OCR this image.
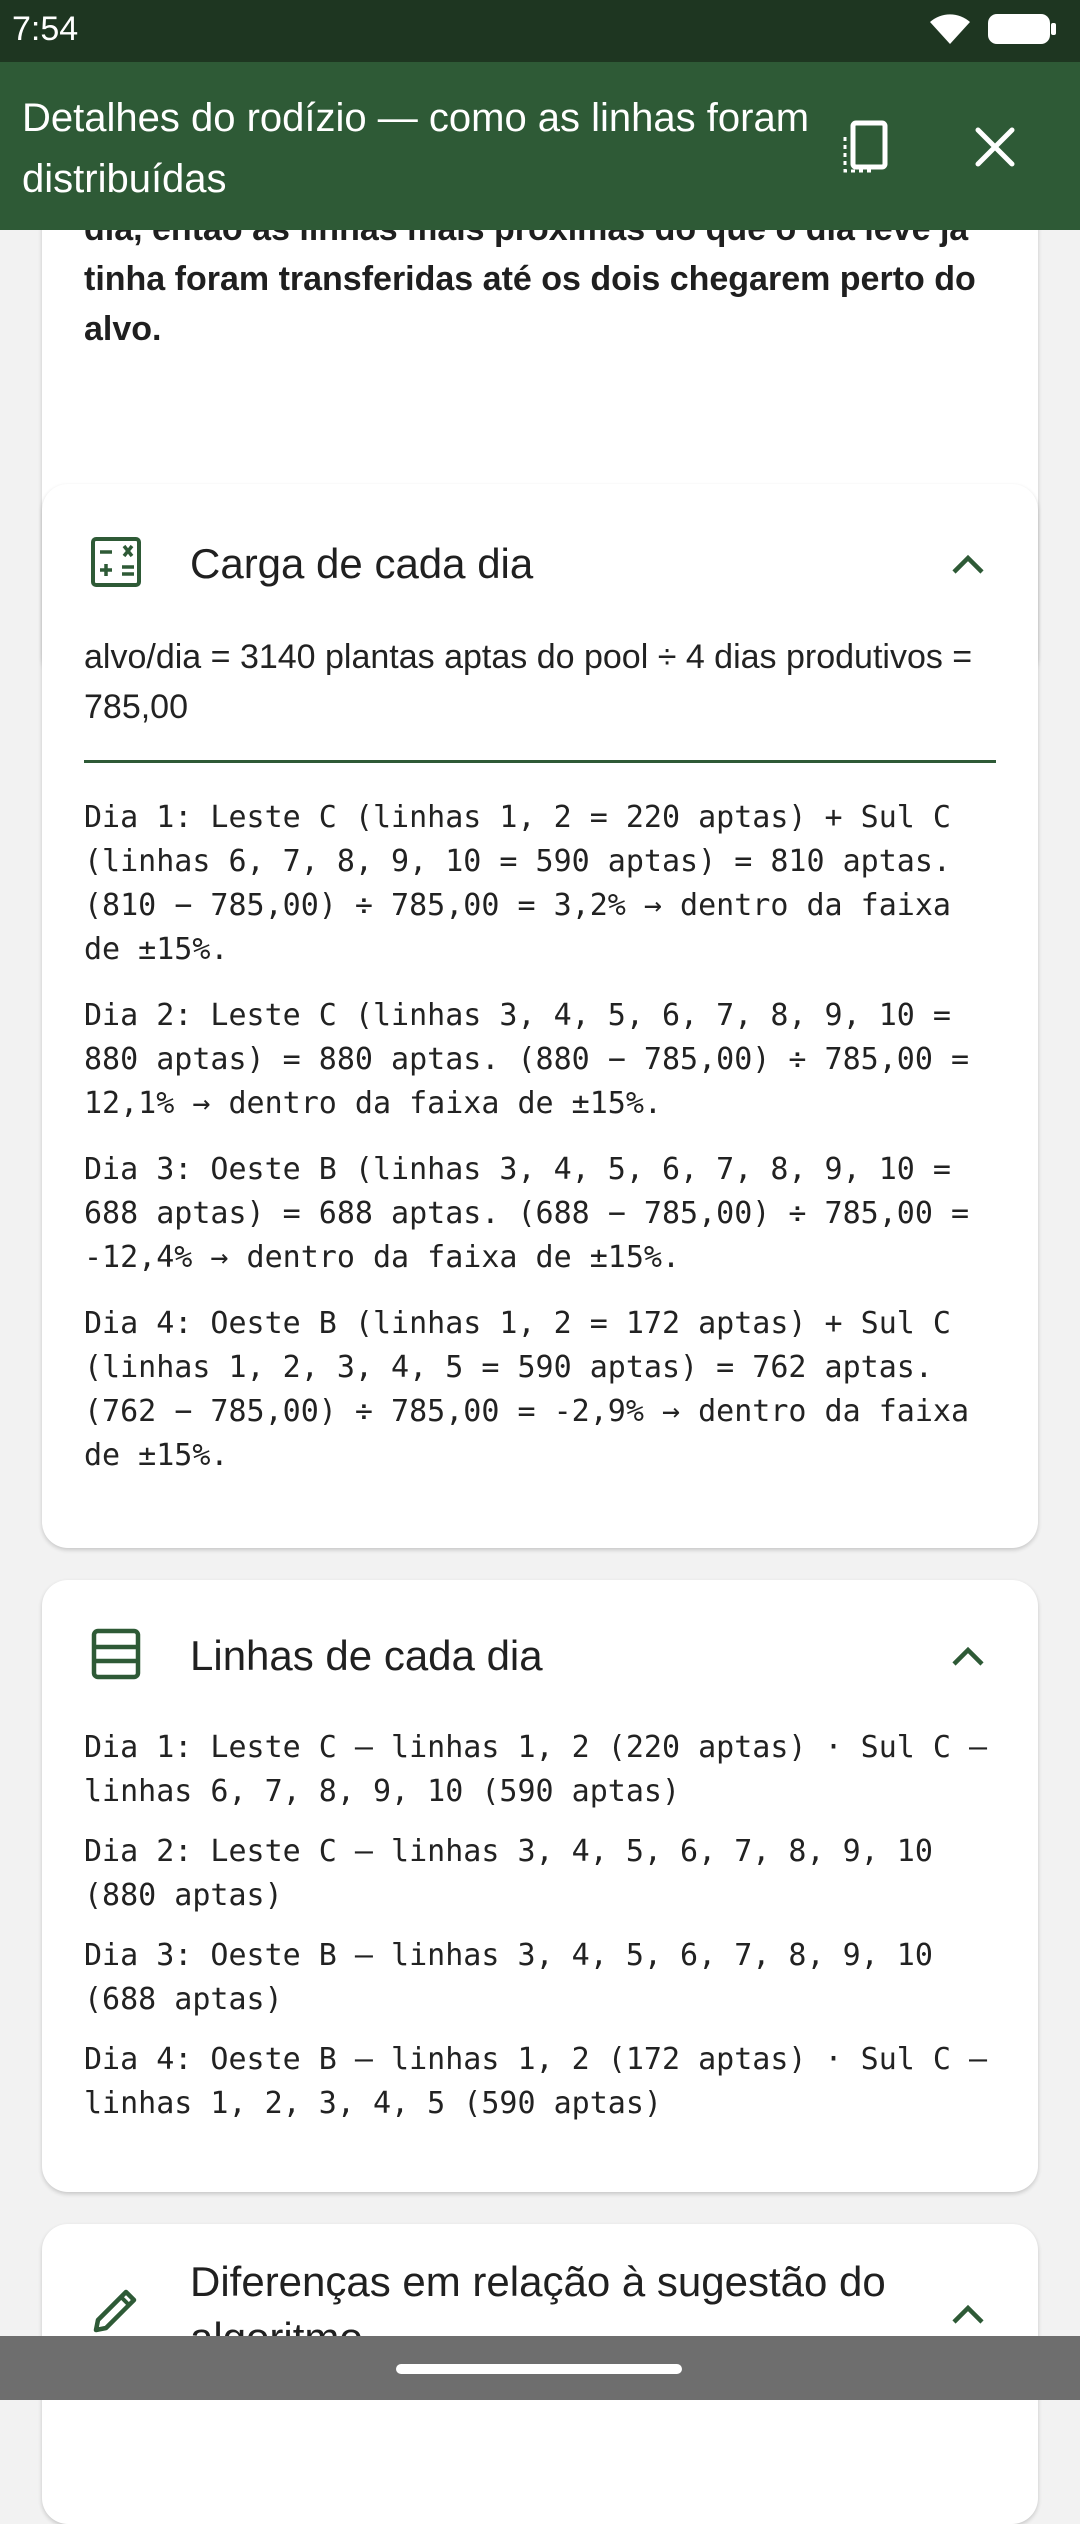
7:54
Detalhes do rodízio — como as linhas foram distribuídas
tinha foram transferidas até os dois chegarem perto do alvo.
Carga de cada dia
alvo/dia = 3140 plantas aptas do pool ÷ 4 dias produtivos = 785,00
Dia 1: Leste C (linhas 1, 2 = 220 aptas) + Sul C (linhas 6, 7, 8, 9, 10 = 590 aptas) = 810 aptas. (810 − 785,00) ÷ 785,00 = 3,2% → dentro da faixa de ±15%.
Dia 2: Leste C (linhas 3, 4, 5, 6, 7, 8, 9, 10 = 880 aptas) = 880 aptas. (880 − 785,00) ÷ 785,00 = 12,1% → dentro da faixa de ±15%.
Dia 3: Oeste B (linhas 3, 4, 5, 6, 7, 8, 9, 10 = 688 aptas) = 688 aptas. (688 − 785,00) ÷ 785,00 = -12,4% → dentro da faixa de ±15%.
Dia 4: Oeste B (linhas 1, 2 = 172 aptas) + Sul C (linhas 1, 2, 3, 4, 5 = 590 aptas) = 762 aptas. (762 − 785,00) ÷ 785,00 = -2,9% → dentro da faixa de ±15%.
Linhas de cada dia
Dia 1: Leste C — linhas 1, 2 (220 aptas) · Sul C — linhas 6, 7, 8, 9, 10 (590 aptas)
Dia 2: Leste C — linhas 3, 4, 5, 6, 7, 8, 9, 10 (880 aptas)
Dia 3: Oeste B — linhas 3, 4, 5, 6, 7, 8, 9, 10 (688 aptas)
Dia 4: Oeste B — linhas 1, 2 (172 aptas) · Sul C — linhas 1, 2, 3, 4, 5 (590 aptas)
Diferenças em relação à sugestão do
